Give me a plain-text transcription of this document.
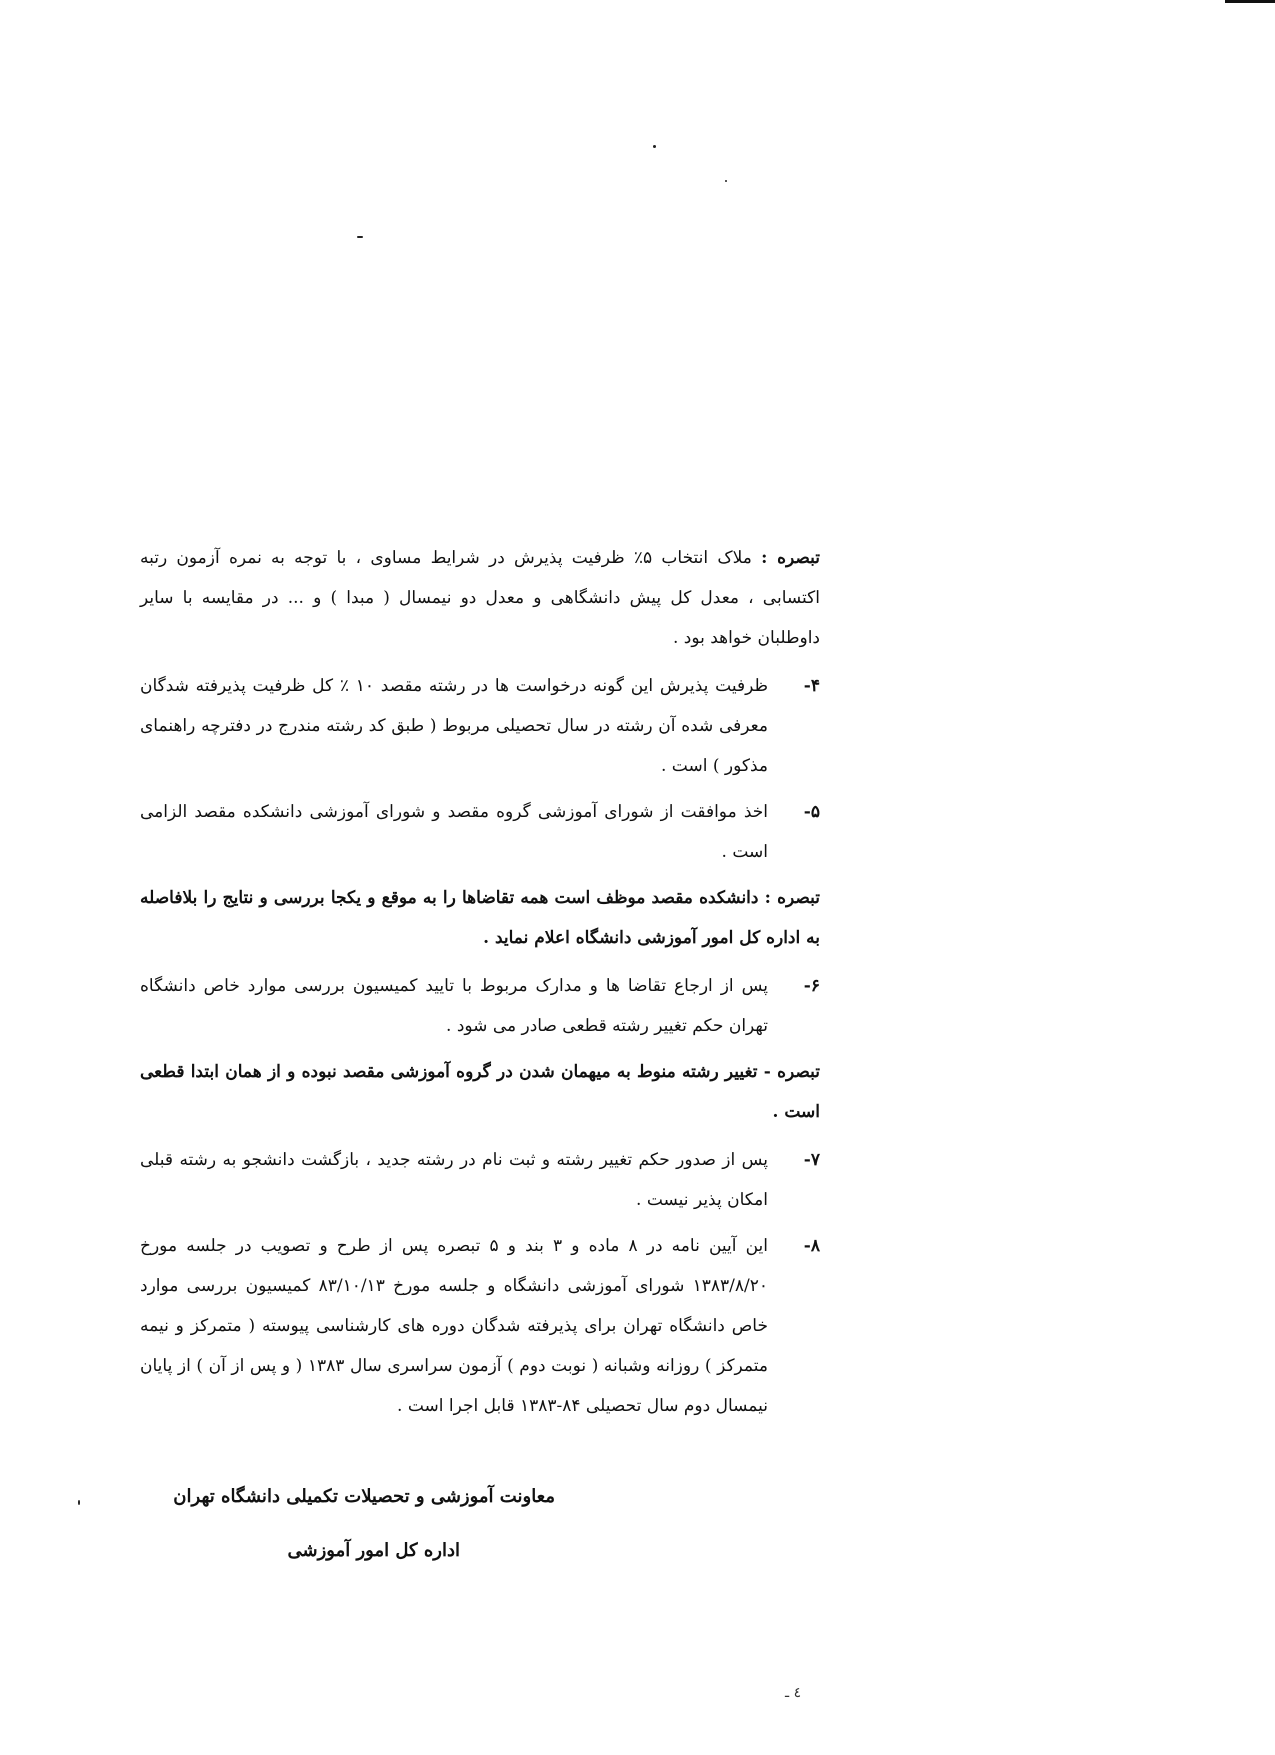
تبصره : ملاک انتخاب ۵٪ ظرفیت پذیرش در شرایط مساوی ، با توجه به نمره آزمون رتبه اکتسابی ، معدل کل پیش دانشگاهی و معدل دو نیمسال ( مبدا ) و ... در مقایسه با سایر داوطلبان خواهد بود .

۴-
ظرفیت پذیرش این گونه درخواست ها در رشته مقصد ۱۰ ٪ کل ظرفیت پذیرفته شدگان معرفی شده آن رشته در سال تحصیلی مربوط ( طبق کد رشته مندرج در دفترچه راهنمای مذکور ) است .
۵-
اخذ موافقت از شورای آموزشی گروه مقصد و شورای آموزشی دانشکده مقصد الزامی است .

تبصره : دانشکده مقصد موظف است همه تقاضاها را به موقع و یکجا بررسی و نتایج را بلافاصله به اداره کل امور آموزشی دانشگاه اعلام نماید .

۶-
پس از ارجاع تقاضا ها و مدارک مربوط با تایید کمیسیون بررسی موارد خاص دانشگاه تهران حکم تغییر رشته قطعی صادر می شود .

تبصره - تغییر رشته منوط به میهمان شدن در گروه آموزشی مقصد نبوده و از همان ابتدا قطعی است .

۷-
پس از صدور حکم تغییر رشته و ثبت نام در رشته جدید ، بازگشت دانشجو به رشته قبلی امکان پذیر نیست .
۸-
این آیین نامه در ۸ ماده و ۳ بند و ۵ تبصره پس از طرح و تصویب در جلسه مورخ ۱۳۸۳/۸/۲۰ شورای آموزشی دانشگاه و جلسه مورخ ۸۳/۱۰/۱۳ کمیسیون بررسی موارد خاص دانشگاه تهران برای پذیرفته شدگان دوره های کارشناسی پیوسته ( متمرکز و نیمه متمرکز ) روزانه وشبانه ( نوبت دوم ) آزمون سراسری سال ۱۳۸۳ ( و پس از آن ) از پایان نیمسال دوم سال تحصیلی ۸۴-۱۳۸۳ قابل اجرا است .
معاونت آموزشی و تحصیلات تکمیلی دانشگاه تهران
اداره کل امور آموزشی
٤ ـ
